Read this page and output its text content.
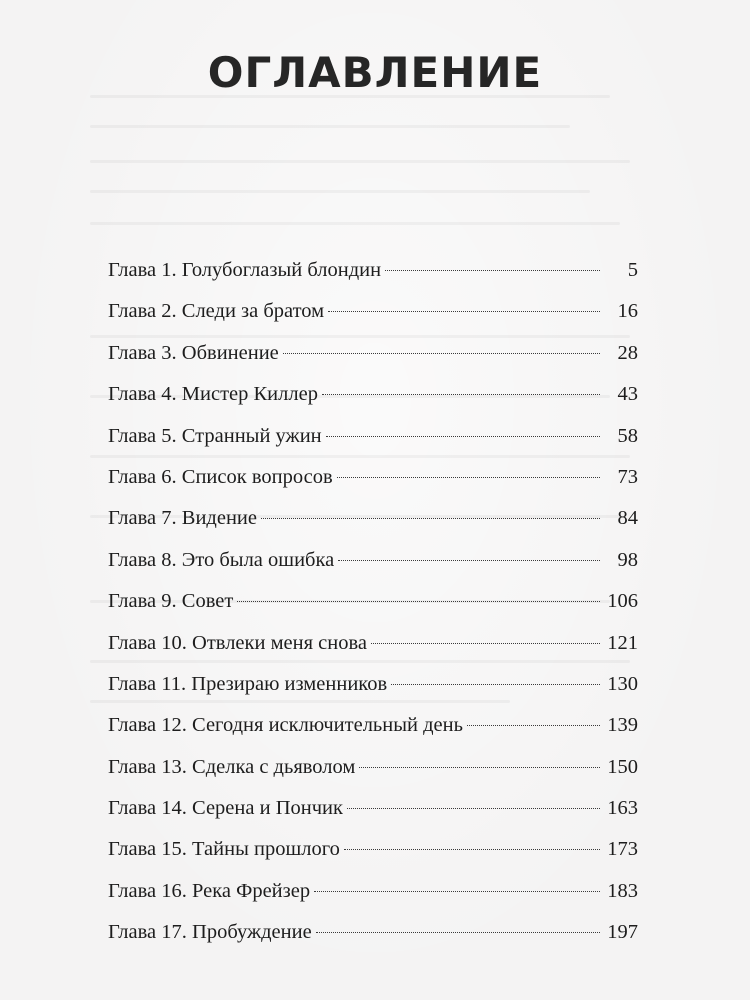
ОГЛАВЛЕНИЕ
Глава 1. Голубоглазый блондин	5
Глава 2. Следи за братом	16
Глава 3. Обвинение	28
Глава 4. Мистер Киллер	43
Глава 5. Странный ужин	58
Глава 6. Список вопросов	73
Глава 7. Видение	84
Глава 8. Это была ошибка	98
Глава 9. Совет	106
Глава 10. Отвлеки меня снова	121
Глава 11. Презираю изменников	130
Глава 12. Сегодня исключительный день	139
Глава 13. Сделка с дьяволом	150
Глава 14. Серена и Пончик	163
Глава 15. Тайны прошлого	173
Глава 16. Река Фрейзер	183
Глава 17. Пробуждение	197
